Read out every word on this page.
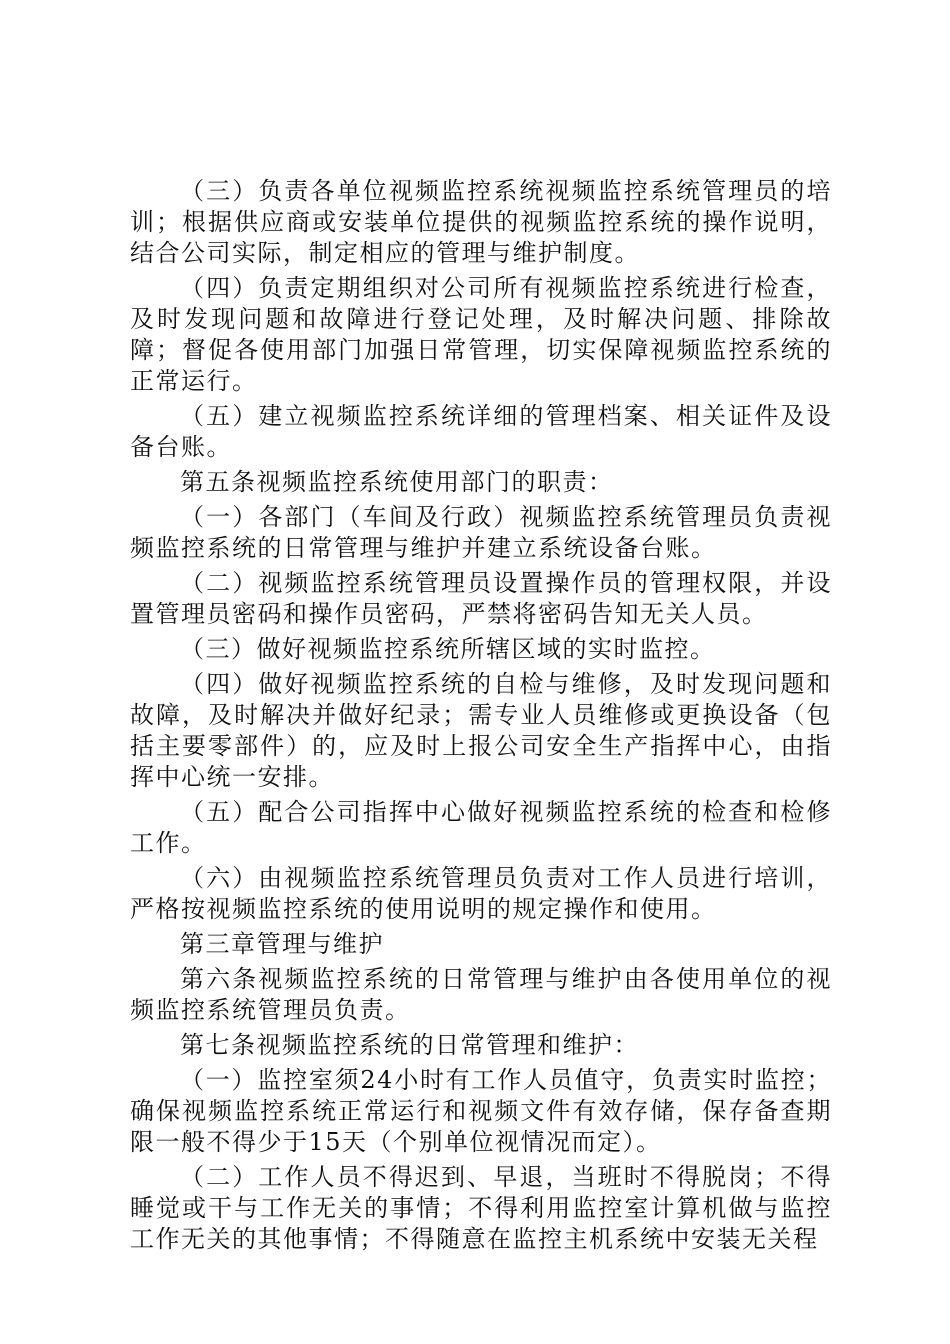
（三）负责各单位视频监控系统视频监控系统管理员的培训；根据供应商或安装单位提供的视频监控系统的操作说明，结合公司实际，制定相应的管理与维护制度。

（四）负责定期组织对公司所有视频监控系统进行检查，及时发现问题和故障进行登记处理，及时解决问题、排除故障；督促各使用部门加强日常管理，切实保障视频监控系统的正常运行。

（五）建立视频监控系统详细的管理档案、相关证件及设备台账。

第五条视频监控系统使用部门的职责：

（一）各部门（车间及行政）视频监控系统管理员负责视频监控系统的日常管理与维护并建立系统设备台账。

（二）视频监控系统管理员设置操作员的管理权限，并设置管理员密码和操作员密码，严禁将密码告知无关人员。

（三）做好视频监控系统所辖区域的实时监控。

（四）做好视频监控系统的自检与维修，及时发现问题和故障，及时解决并做好纪录；需专业人员维修或更换设备（包括主要零部件）的，应及时上报公司安全生产指挥中心，由指挥中心统一安排。

（五）配合公司指挥中心做好视频监控系统的检查和检修工作。

（六）由视频监控系统管理员负责对工作人员进行培训，严格按视频监控系统的使用说明的规定操作和使用。

第三章管理与维护

第六条视频监控系统的日常管理与维护由各使用单位的视频监控系统管理员负责。

第七条视频监控系统的日常管理和维护：

（一）监控室须24小时有工作人员值守，负责实时监控；确保视频监控系统正常运行和视频文件有效存储，保存备查期限一般不得少于15天（个别单位视情况而定）。

（二）工作人员不得迟到、早退，当班时不得脱岗；不得睡觉或干与工作无关的事情；不得利用监控室计算机做与监控工作无关的其他事情；不得随意在监控主机系统中安装无关程
